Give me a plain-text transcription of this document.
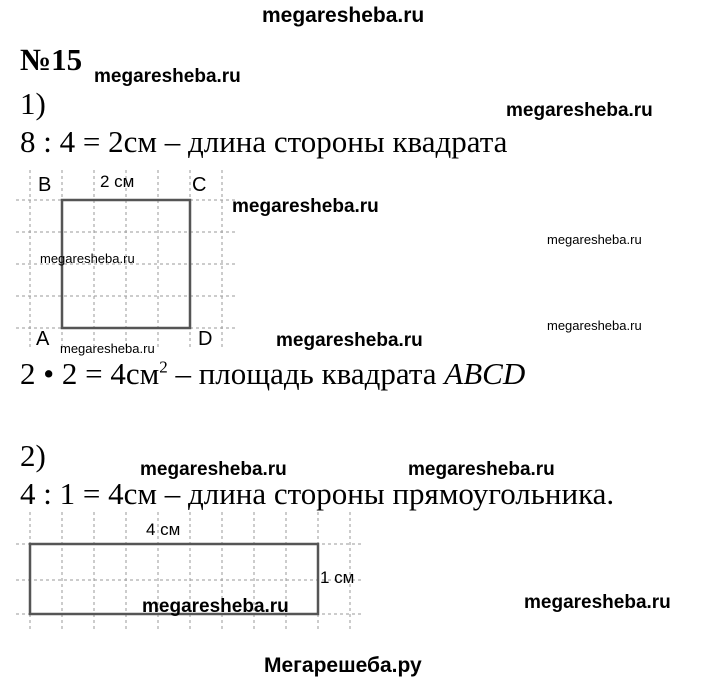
megaresheba.ru
megaresheba.ru
megaresheba.ru
megaresheba.ru
megaresheba.ru
megaresheba.ru
megaresheba.ru
megaresheba.ru	megaresheba.ru
megaresheba.ru
Мегарешеба.ру
№15
1)
8 : 4 = 2см – длина стороны квадрата
B	2 см	C
A	D
megaresheba.ru
megaresheba.ru
2 • $2 = 4см^2$ – площадь квадрата ABCD
2)
4 : 1 = 4см – длина стороны прямоугольника.
4 см
1 см
megaresheba.ru
